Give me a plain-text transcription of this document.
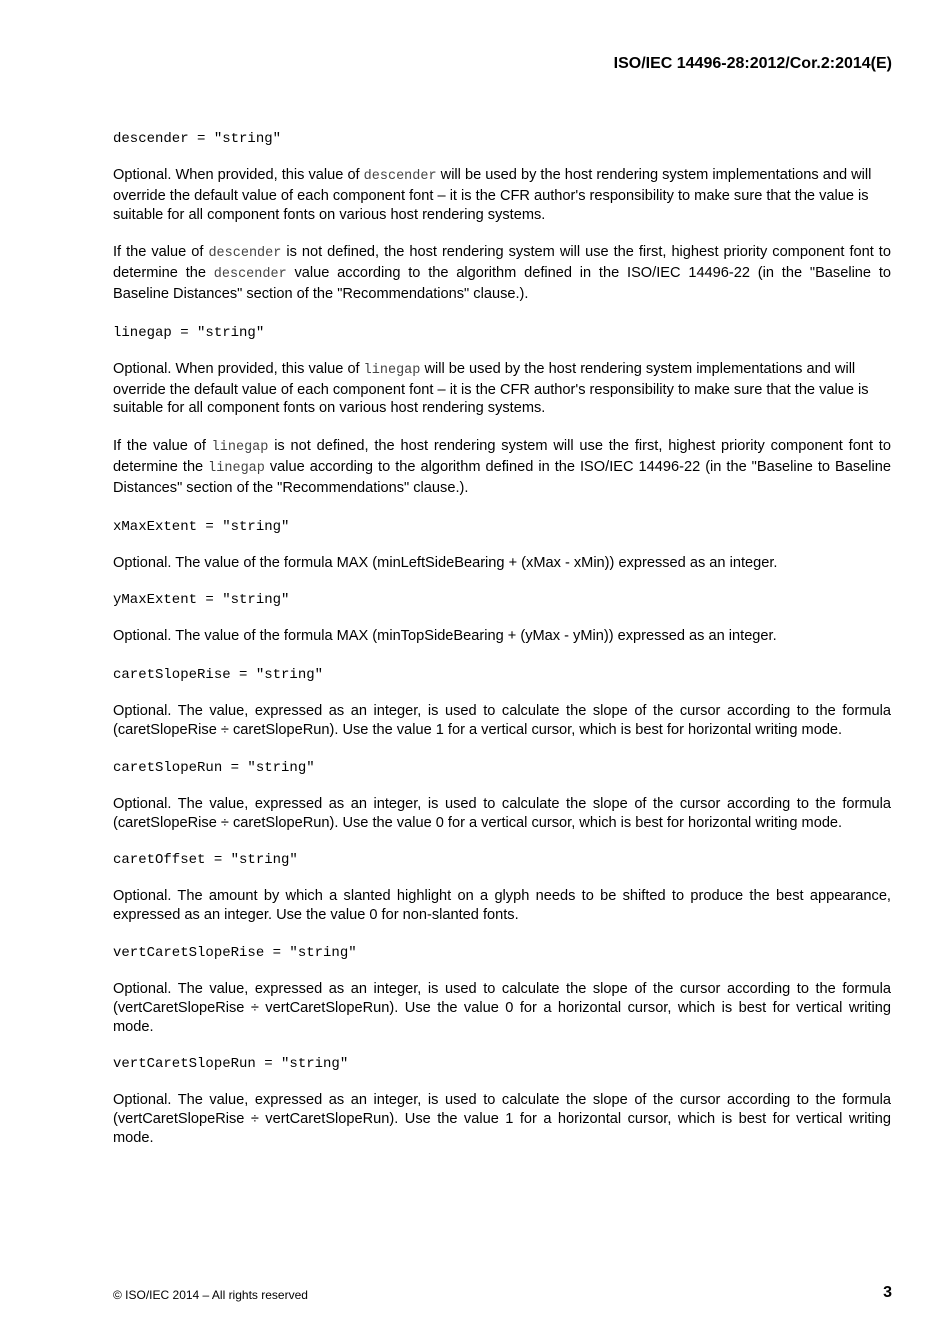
ISO/IEC 14496-28:2012/Cor.2:2014(E)
descender = "string"
Optional. When provided, this value of descender will be used by the host rendering system implementations and will override the default value of each component font – it is the CFR author's responsibility to make sure that the value is suitable for all component fonts on various host rendering systems.
If the value of descender is not defined, the host rendering system will use the first, highest priority component font to determine the descender value according to the algorithm defined in the ISO/IEC 14496-22 (in the "Baseline to Baseline Distances" section of the "Recommendations" clause.).
linegap = "string"
Optional. When provided, this value of linegap will be used by the host rendering system implementations and will override the default value of each component font – it is the CFR author's responsibility to make sure that the value is suitable for all component fonts on various host rendering systems.
If the value of linegap is not defined, the host rendering system will use the first, highest priority component font to determine the linegap value according to the algorithm defined in the ISO/IEC 14496-22 (in the "Baseline to Baseline Distances" section of the "Recommendations" clause.).
xMaxExtent = "string"
Optional. The value of the formula MAX (minLeftSideBearing + (xMax - xMin)) expressed as an integer.
yMaxExtent = "string"
Optional. The value of the formula MAX (minTopSideBearing + (yMax - yMin)) expressed as an integer.
caretSlopeRise = "string"
Optional. The value, expressed as an integer, is used to calculate the slope of the cursor according to the formula (caretSlopeRise ÷ caretSlopeRun). Use the value 1 for a vertical cursor, which is best for horizontal writing mode.
caretSlopeRun = "string"
Optional. The value, expressed as an integer, is used to calculate the slope of the cursor according to the formula (caretSlopeRise ÷ caretSlopeRun). Use the value 0 for a vertical cursor, which is best for horizontal writing mode.
caretOffset = "string"
Optional. The amount by which a slanted highlight on a glyph needs to be shifted to produce the best appearance, expressed as an integer. Use the value 0 for non-slanted fonts.
vertCaretSlopeRise = "string"
Optional. The value, expressed as an integer, is used to calculate the slope of the cursor according to the formula (vertCaretSlopeRise ÷ vertCaretSlopeRun). Use the value 0 for a horizontal cursor, which is best for vertical writing mode.
vertCaretSlopeRun = "string"
Optional. The value, expressed as an integer, is used to calculate the slope of the cursor according to the formula (vertCaretSlopeRise ÷ vertCaretSlopeRun). Use the value 1 for a horizontal cursor, which is best for vertical writing mode.
© ISO/IEC 2014 – All rights reserved	3
